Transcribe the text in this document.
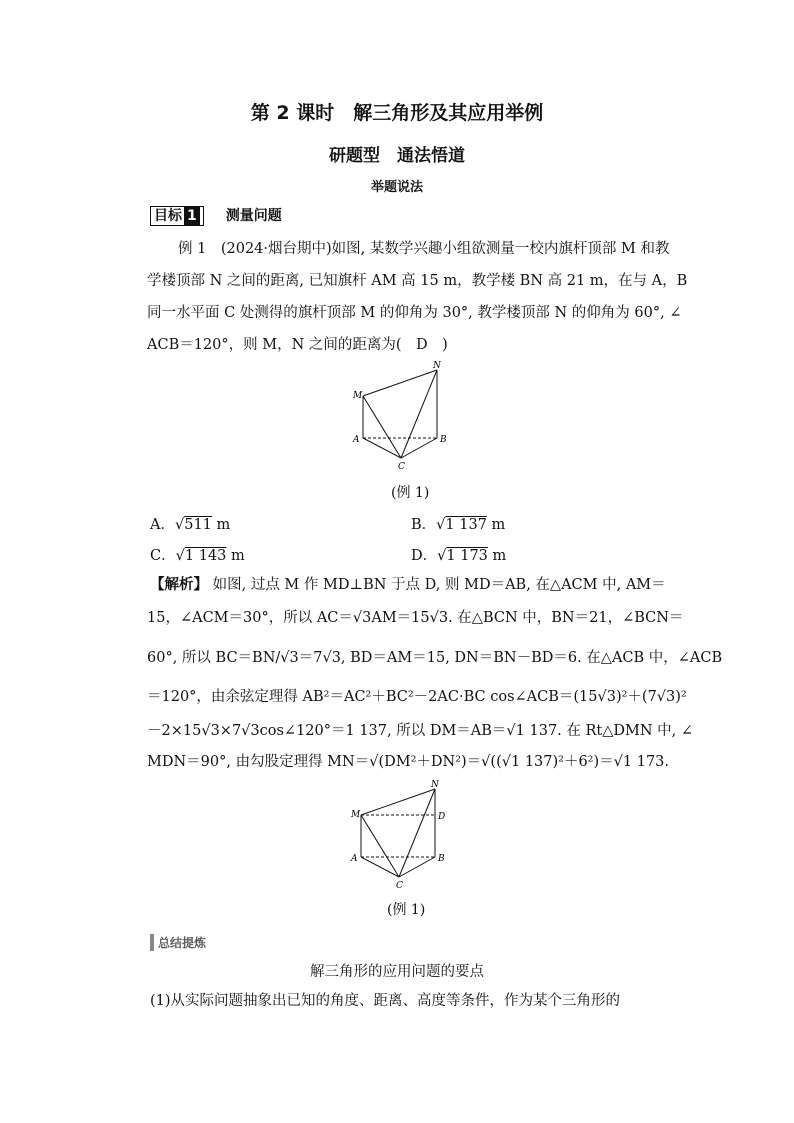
第 2 课时　解三角形及其应用举例
研题型　通法悟道
举题说法
目标 1 测量问题
例 1　(2024·烟台期中)如图, 某数学兴趣小组欲测量一校内旗杆顶部 M 和教
学楼顶部 N 之间的距离, 已知旗杆 AM 高 15 m，教学楼 BN 高 21 m，在与 A，B
同一水平面 C 处测得的旗杆顶部 M 的仰角为 30°, 教学楼顶部 N 的仰角为 60°, ∠
ACB＝120°，则 M，N 之间的距离为(　D　)
M
N
A	B
C
(例 1)
A．√511 m	B．√1 137 m
C．√1 143 m	D．√1 173 m
【解析】 如图, 过点 M 作 MD⊥BN 于点 D, 则 MD＝AB, 在△ACM 中, AM＝
15，∠ACM＝30°，所以 AC＝√3AM＝15√3. 在△BCN 中，BN＝21，∠BCN＝
60°, 所以 BC＝BN/√3＝7√3, BD＝AM＝15, DN＝BN－BD＝6. 在△ACB 中，∠ACB
＝120°，由余弦定理得 AB²＝AC²＋BC²－2AC·BC cos∠ACB＝(15√3)²＋(7√3)²
－2×15√3×7√3cos∠120°＝1 137, 所以 DM＝AB＝√1 137. 在 Rt△DMN 中, ∠
MDN＝90°, 由勾股定理得 MN＝√(DM²＋DN²)＝√((√1 137)²＋6²)＝√1 173.
M
N
D
A	B
C
(例 1)
总结提炼
解三角形的应用问题的要点
(1)从实际问题抽象出已知的角度、距离、高度等条件，作为某个三角形的
